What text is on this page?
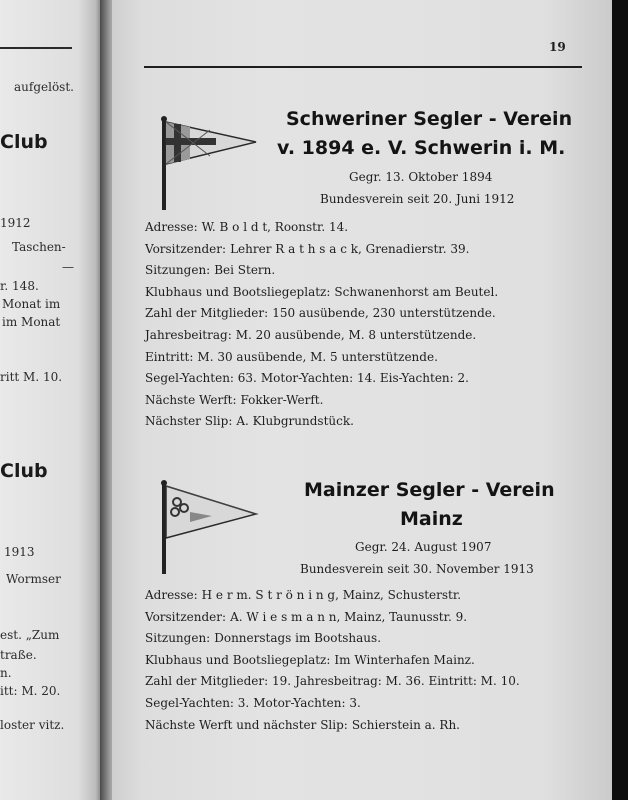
aufgelöst.
Club
1912
Taschen-
—
r. 148.
Monat im
im Monat
ritt M. 10.
Club
1913
Wormser
est. „Zum
traße.
n.
itt: M. 20.
loster vitz.
19
Schweriner Segler - Verein
v. 1894 e. V. Schwerin i. M.
Gegr. 13. Oktober 1894
Bundesverein seit 20. Juni 1912
Adresse: W. B o l d t, Roonstr. 14.
Vorsitzender: Lehrer R a t h s a c k, Grenadierstr. 39.
Sitzungen: Bei Stern.
Klubhaus und Bootsliegeplatz: Schwanenhorst am Beutel.
Zahl der Mitglieder: 150 ausübende, 230 unterstützende.
Jahresbeitrag: M. 20 ausübende, M. 8 unterstützende.
Eintritt: M. 30 ausübende, M. 5 unterstützende.
Segel-Yachten: 63. Motor-Yachten: 14. Eis-Yachten: 2.
Nächste Werft: Fokker-Werft.
Nächster Slip: A. Klubgrundstück.
Mainzer Segler - Verein
Mainz
Gegr. 24. August 1907
Bundesverein seit 30. November 1913
Adresse: H e r m. S t r ö n i n g, Mainz, Schusterstr.
Vorsitzender: A. W i e s m a n n, Mainz, Taunusstr. 9.
Sitzungen: Donnerstags im Bootshaus.
Klubhaus und Bootsliegeplatz: Im Winterhafen Mainz.
Zahl der Mitglieder: 19. Jahresbeitrag: M. 36. Eintritt: M. 10.
Segel-Yachten: 3. Motor-Yachten: 3.
Nächste Werft und nächster Slip: Schierstein a. Rh.
